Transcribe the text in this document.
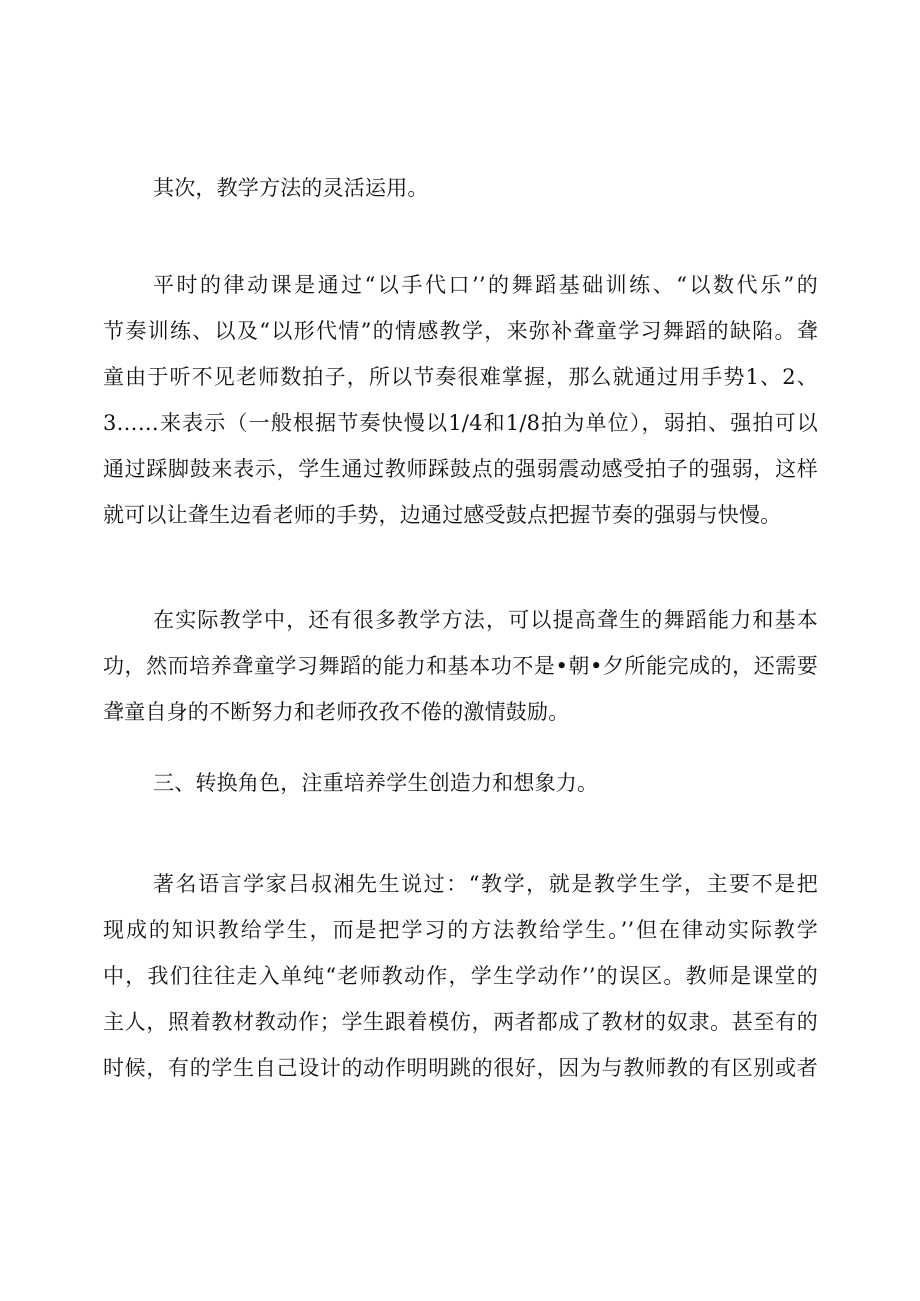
其次，教学方法的灵活运用。
平时的律动课是通过“以手代口’’的舞蹈基础训练、“以数代乐”的
节奏训练、以及“以形代情”的情感教学，来弥补聋童学习舞蹈的缺陷。聋
童由于听不见老师数拍子，所以节奏很难掌握，那么就通过用手势1、2、
3……来表示（一般根据节奏快慢以1/4和1/8拍为单位），弱拍、强拍可以
通过踩脚鼓来表示，学生通过教师踩鼓点的强弱震动感受拍子的强弱，这样
就可以让聋生边看老师的手势，边通过感受鼓点把握节奏的强弱与快慢。
在实际教学中，还有很多教学方法，可以提高聋生的舞蹈能力和基本
功，然而培养聋童学习舞蹈的能力和基本功不是•朝•夕所能完成的，还需要
聋童自身的不断努力和老师孜孜不倦的激情鼓励。
三、转换角色，注重培养学生创造力和想象力。
著名语言学家吕叔湘先生说过：“教学，就是教学生学，主要不是把
现成的知识教给学生，而是把学习的方法教给学生。’’但在律动实际教学
中，我们往往走入单纯“老师教动作，学生学动作’’的误区。教师是课堂的
主人，照着教材教动作；学生跟着模仿，两者都成了教材的奴隶。甚至有的
时候，有的学生自己设计的动作明明跳的很好，因为与教师教的有区别或者
